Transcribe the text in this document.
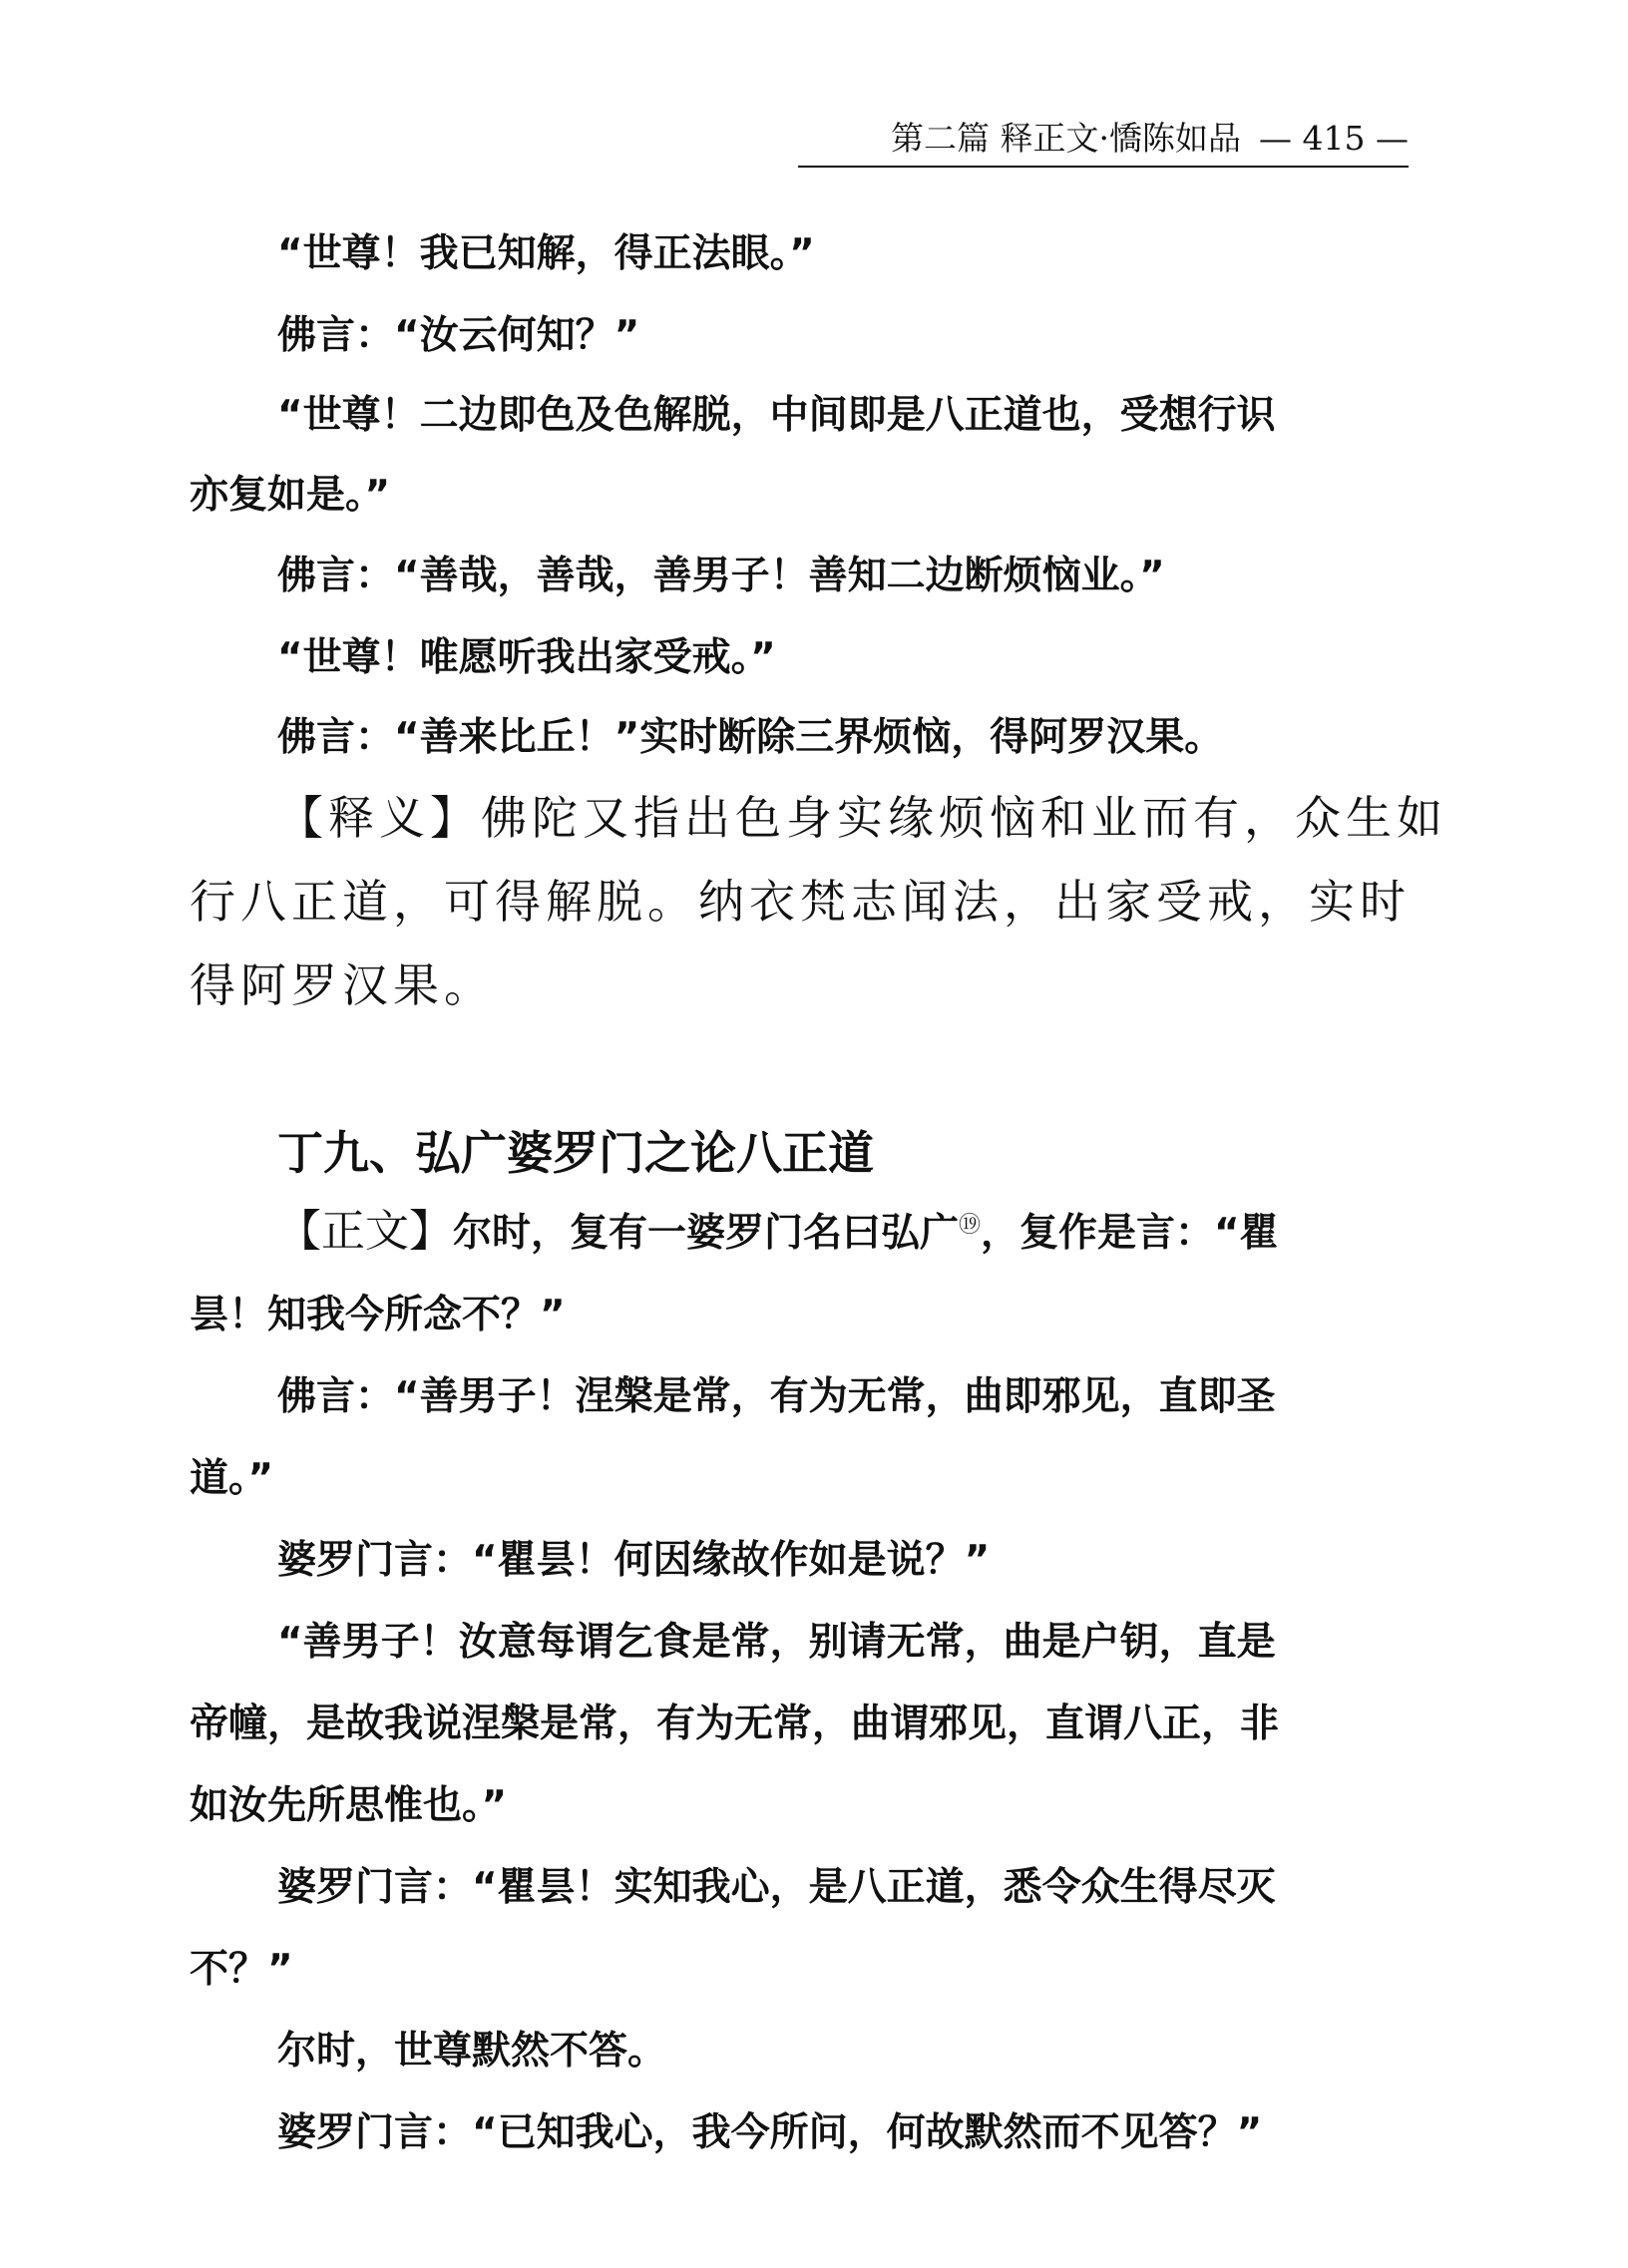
第二篇 释正文·憍陈如品 — 415 —
“世尊！我已知解，得正法眼。”
佛言：“汝云何知？”
“世尊！二边即色及色解脱，中间即是八正道也，受想行识
亦复如是。”
佛言：“善哉，善哉，善男子！善知二边断烦恼业。”
“世尊！唯愿听我出家受戒。”
佛言：“善来比丘！”实时断除三界烦恼，得阿罗汉果。
【释义】佛陀又指出色身实缘烦恼和业而有，众生如
行八正道，可得解脱。纳衣梵志闻法，出家受戒，实时
得阿罗汉果。
丁九、弘广婆罗门之论八正道
【正文】尔时，复有一婆罗门名曰弘广⑲，复作是言：“瞿
昙！知我今所念不？”
佛言：“善男子！涅槃是常，有为无常，曲即邪见，直即圣
道。”
婆罗门言：“瞿昙！何因缘故作如是说？”
“善男子！汝意每谓乞食是常，别请无常，曲是户钥，直是
帝幢，是故我说涅槃是常，有为无常，曲谓邪见，直谓八正，非
如汝先所思惟也。”
婆罗门言：“瞿昙！实知我心，是八正道，悉令众生得尽灭
不？”
尔时，世尊默然不答。
婆罗门言：“已知我心，我今所问，何故默然而不见答？”
